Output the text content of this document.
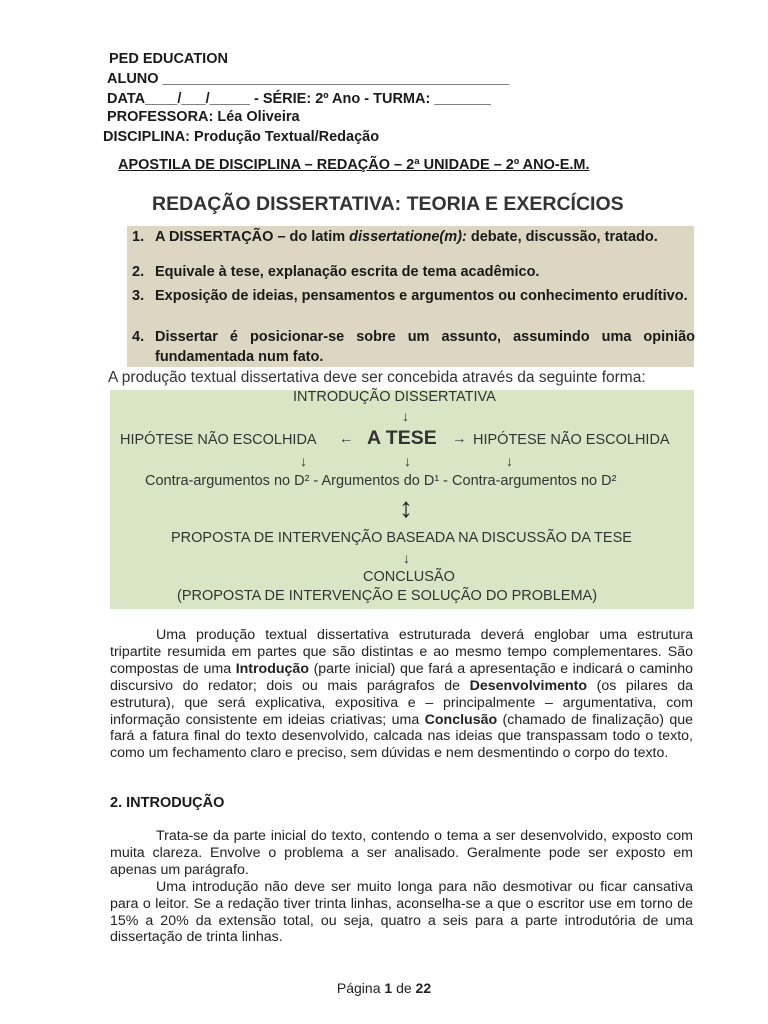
PED EDUCATION
ALUNO ___________________________________________
DATA____/___/_____ - SÉRIE: 2º Ano - TURMA: _______
PROFESSORA: Léa Oliveira
DISCIPLINA: Produção Textual/Redação
APOSTILA DE DISCIPLINA – REDAÇÃO – 2ª UNIDADE – 2º ANO-E.M.
REDAÇÃO DISSERTATIVA: TEORIA E EXERCÍCIOS
1. A DISSERTAÇÃO – do latim dissertatione(m): debate, discussão, tratado.
2. Equivale à tese, explanação escrita de tema acadêmico.
3. Exposição de ideias, pensamentos e argumentos ou conhecimento erudítivo.
4. Dissertar é posicionar-se sobre um assunto, assumindo uma opinião fundamentada num fato.
A produção textual dissertativa deve ser concebida através da seguinte forma:
INTRODUÇÃO DISSERTATIVA
↓
HIPÓTESE NÃO ESCOLHIDA ← A TESE → HIPÓTESE NÃO ESCOLHIDA
↓	↓	↓
Contra-argumentos no D² - Argumentos do D¹ - Contra-argumentos no D²
↕
PROPOSTA DE INTERVENÇÃO BASEADA NA DISCUSSÃO DA TESE
↓
CONCLUSÃO
(PROPOSTA DE INTERVENÇÃO E SOLUÇÃO DO PROBLEMA)

Uma produção textual dissertativa estruturada deverá englobar uma estrutura tripartite resumida em partes que são distintas e ao mesmo tempo complementares. São compostas de uma Introdução (parte inicial) que fará a apresentação e indicará o caminho discursivo do redator; dois ou mais parágrafos de Desenvolvimento (os pilares da estrutura), que será explicativa, expositiva e – principalmente – argumentativa, com informação consistente em ideias criativas; uma Conclusão (chamado de finalização) que fará a fatura final do texto desenvolvido, calcada nas ideias que transpassam todo o texto, como um fechamento claro e preciso, sem dúvidas e nem desmentindo o corpo do texto.

2. INTRODUÇÃO

Trata-se da parte inicial do texto, contendo o tema a ser desenvolvido, exposto com muita clareza. Envolve o problema a ser analisado. Geralmente pode ser exposto em apenas um parágrafo.

Uma introdução não deve ser muito longa para não desmotivar ou ficar cansativa para o leitor. Se a redação tiver trinta linhas, aconselha-se a que o escritor use em torno de 15% a 20% da extensão total, ou seja, quatro a seis para a parte introdutória de uma dissertação de trinta linhas.

Página 1 de 22
